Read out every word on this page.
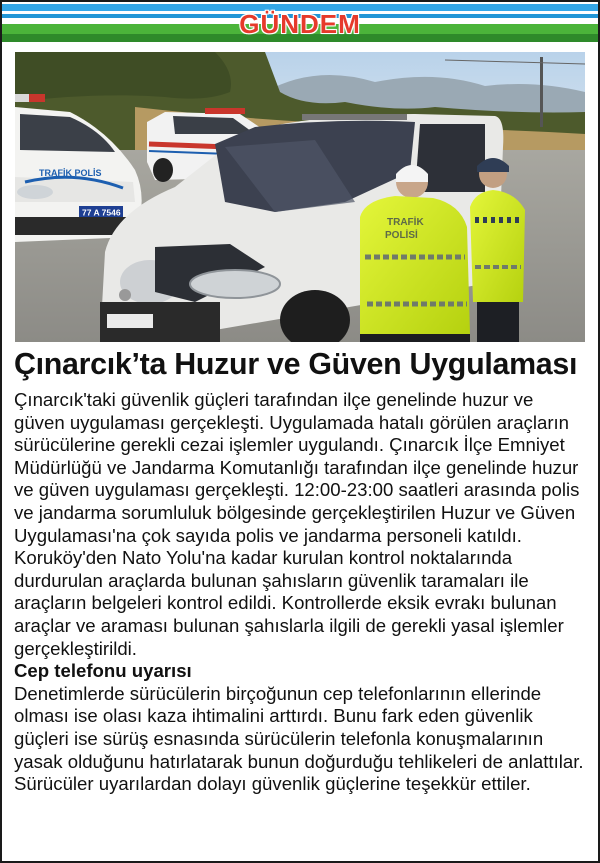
GÜNDEM
TRAFİK POLİS
77 A 7546
TRAFİK
POLİSİ
Çınarcık’ta Huzur ve Güven Uygulaması

Çınarcık'taki güvenlik güçleri tarafından ilçe genelinde huzur ve güven uygulaması gerçekleşti. Uygulamada hatalı görülen araçların sürücülerine gerekli cezai işlemler uygulandı. Çınarcık İlçe Emniyet Müdürlüğü ve Jandarma Komutanlığı tarafından ilçe genelinde huzur ve güven uygulaması gerçekleşti. 12:00-23:00 saatleri arasında polis ve jandarma sorumluluk bölgesinde gerçekleştirilen Huzur ve Güven Uygulaması'na çok sayıda polis ve jandarma personeli katıldı. Koruköy'den Nato Yolu'na kadar kurulan kontrol noktalarında durdurulan araçlarda bulunan şahısların güvenlik taramaları ile araçların belgeleri kontrol edildi. Kontrollerde eksik evrakı bulunan araçlar ve araması bulunan şahıslarla ilgili de gerekli yasal işlemler gerçekleştirildi.

Cep telefonu uyarısı

Denetimlerde sürücülerin birçoğunun cep telefonlarının ellerinde olması ise olası kaza ihtimalini arttırdı. Bunu fark eden güvenlik güçleri ise sürüş esnasında sürücülerin telefonla konuşmalarının yasak olduğunu hatırlatarak bunun doğurduğu tehlikeleri de anlattılar. Sürücüler uyarılardan dolayı güvenlik güçlerine teşekkür ettiler.
